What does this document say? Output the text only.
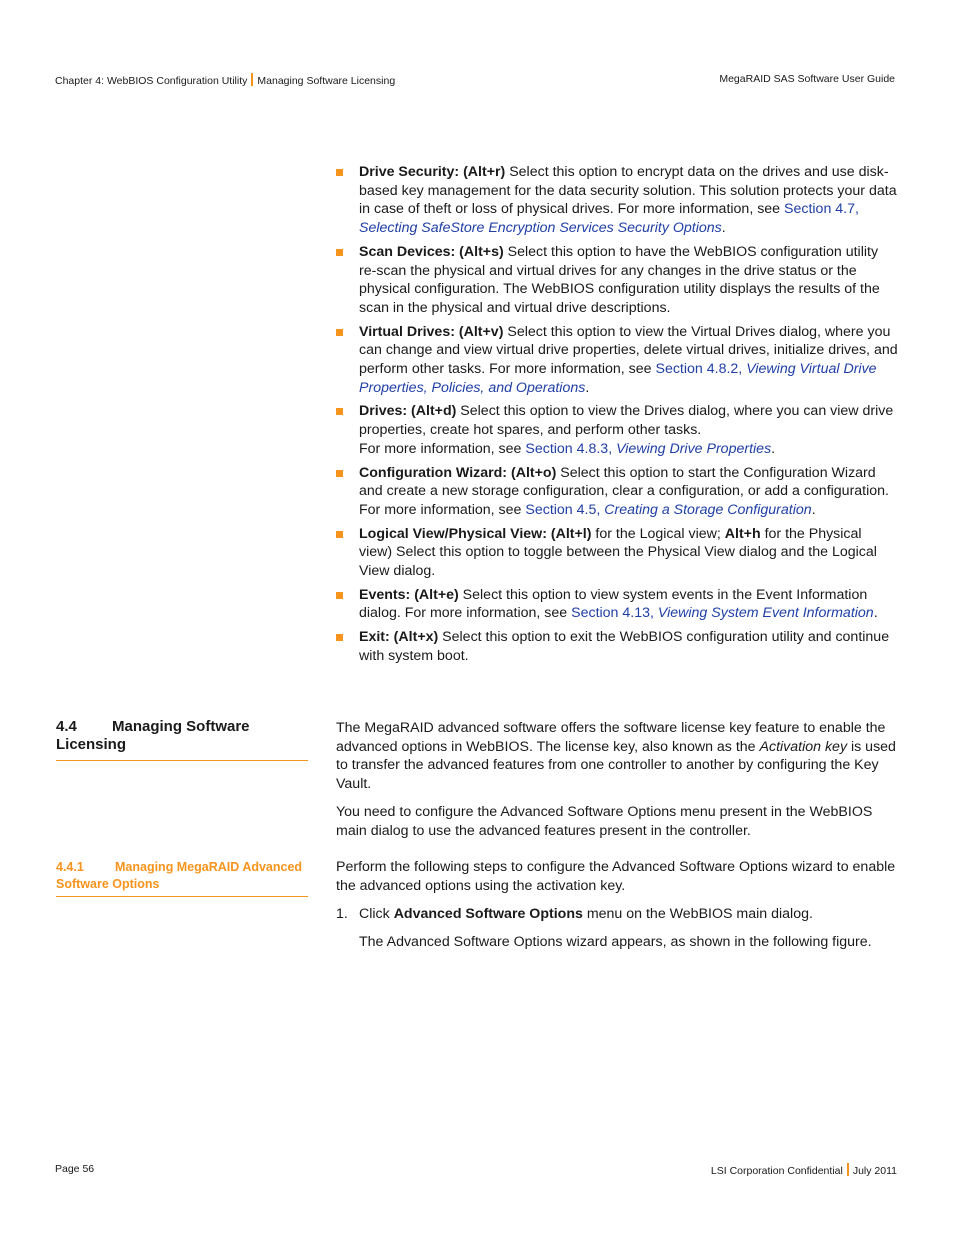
Chapter 4: WebBIOS Configuration Utility Managing Software Licensing	MegaRAID SAS Software User Guide
Drive Security: (Alt+r) Select this option to encrypt data on the drives and use disk-based key management for the data security solution. This solution protects your data in case of theft or loss of physical drives. For more information, see Section 4.7, Selecting SafeStore Encryption Services Security Options.
Scan Devices: (Alt+s) Select this option to have the WebBIOS configuration utility re-scan the physical and virtual drives for any changes in the drive status or the physical configuration. The WebBIOS configuration utility displays the results of the scan in the physical and virtual drive descriptions.
Virtual Drives: (Alt+v) Select this option to view the Virtual Drives dialog, where you can change and view virtual drive properties, delete virtual drives, initialize drives, and perform other tasks. For more information, see Section 4.8.2, Viewing Virtual Drive Properties, Policies, and Operations.
Drives: (Alt+d) Select this option to view the Drives dialog, where you can view drive properties, create hot spares, and perform other tasks.
For more information, see Section 4.8.3, Viewing Drive Properties.
Configuration Wizard: (Alt+o) Select this option to start the Configuration Wizard and create a new storage configuration, clear a configuration, or add a configuration. For more information, see Section 4.5, Creating a Storage Configuration.
Logical View/Physical View: (Alt+l) for the Logical view; Alt+h for the Physical view) Select this option to toggle between the Physical View dialog and the Logical View dialog.
Events: (Alt+e) Select this option to view system events in the Event Information dialog. For more information, see Section 4.13, Viewing System Event Information.
Exit: (Alt+x) Select this option to exit the WebBIOS configuration utility and continue with system boot.
4.4 Managing Software Licensing

The MegaRAID advanced software offers the software license key feature to enable the advanced options in WebBIOS. The license key, also known as the Activation key is used to transfer the advanced features from one controller to another by configuring the Key Vault.

You need to configure the Advanced Software Options menu present in the WebBIOS main dialog to use the advanced features present in the controller.

4.4.1 Managing MegaRAID Advanced Software Options

Perform the following steps to configure the Advanced Software Options wizard to enable the advanced options using the activation key.

1. Click Advanced Software Options menu on the WebBIOS main dialog.

The Advanced Software Options wizard appears, as shown in the following figure.

Page 56	LSI Corporation Confidential July 2011
